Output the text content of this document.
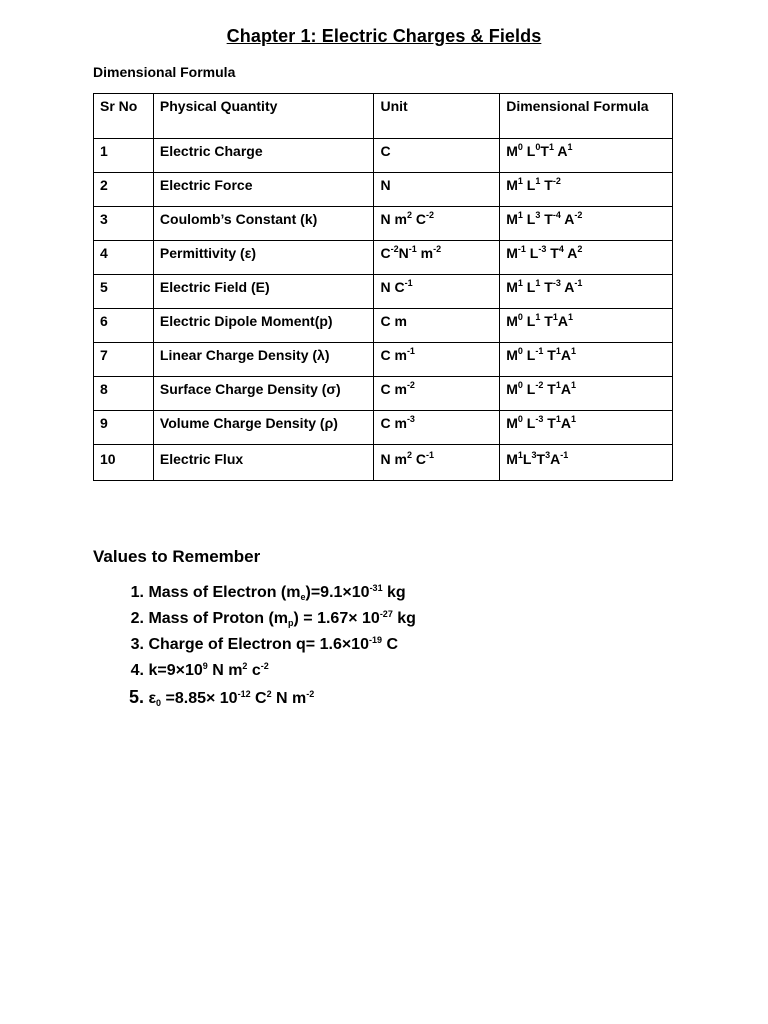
Chapter 1: Electric Charges & Fields
Dimensional Formula
Sr No	Physical Quantity	Unit	Dimensional Formula
1	Electric Charge	C	$M^0$ $L^0T^1$ $A^1$
2	Electric Force	N	$M^1$ $L^1$ $T^{-2}$
3	Coulomb’s Constant (k)	N $m^2$ $C^{-2}$	$M^1$ $L^3$ $T^{-4}$ $A^{-2}$
4	Permittivity (ε)	$C^{-2}N^{-1}$ $m^{-2}$	$M^{-1}$ $L^{-3}$ $T^4$ $A^2$
5	Electric Field (E)	N $C^{-1}$	$M^1$ $L^1$ $T^{-3}$ $A^{-1}$
6	Electric Dipole Moment(p)	C m	$M^0$ $L^1$ $T^1A^1$
7	Linear Charge Density (λ)	C $m^{-1}$	$M^0$ $L^{-1}$ $T^1A^1$
8	Surface Charge Density (σ)	C $m^{-2}$	$M^0$ $L^{-2}$ $T^1A^1$
9	Volume Charge Density (ρ)	C $m^{-3}$	$M^0$ $L^{-3}$ $T^1A^1$
10	Electric Flux	N $m^2$ $C^{-1}$	$M^1L^3T^3A^{-1}$
Values to Remember
1. Mass of Electron $(m_e)=9.1\times 10^{-31}$ kg
2. Mass of Proton $(m_p) = 1.67\times 10^{-27}$ kg
3. Charge of Electron $q= 1.6\times 10^{-19}$ C
4. $k=9\times 10^9$ N $m^2$ $c^{-2}$
5. $\varepsilon_0 =8.85\times 10^{-12}$ $C^2$ N $m^{-2}$
